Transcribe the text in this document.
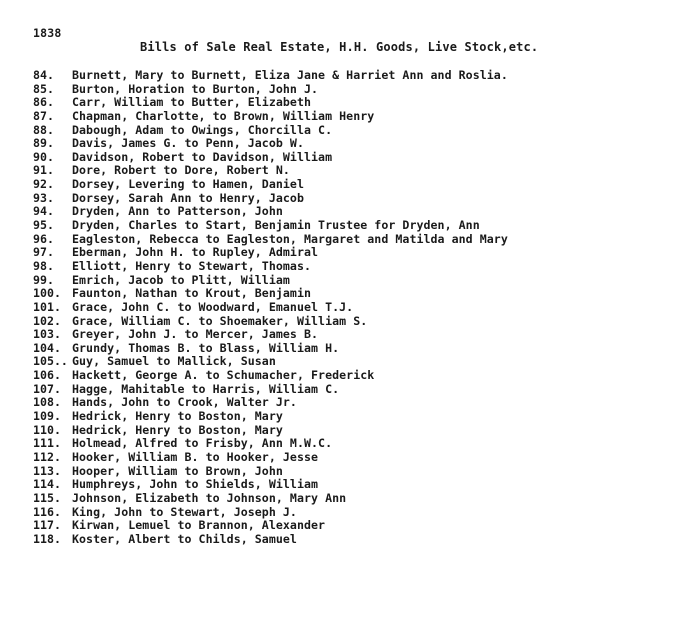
1838
Bills of Sale Real Estate, H.H. Goods, Live Stock,etc.
84.	Burnett, Mary to Burnett, Eliza Jane & Harriet Ann and Roslia.
85.	Burton, Horation to Burton, John J.
86.	Carr, William to Butter, Elizabeth
87.	Chapman, Charlotte, to Brown, William Henry
88.	Dabough, Adam to Owings, Chorcilla C.
89.	Davis, James G. to Penn, Jacob W.
90.	Davidson, Robert to Davidson, William
91.	Dore, Robert to Dore, Robert N.
92.	Dorsey, Levering to Hamen, Daniel
93.	Dorsey, Sarah Ann to Henry, Jacob
94.	Dryden, Ann to Patterson, John
95.	Dryden, Charles to Start, Benjamin Trustee for Dryden, Ann
96.	Eagleston, Rebecca to Eagleston, Margaret and Matilda and Mary
97.	Eberman, John H. to Rupley, Admiral
98.	Elliott, Henry to Stewart, Thomas.
99.	Emrich, Jacob to Plitt, William
100. Faunton, Nathan to Krout, Benjamin
101. Grace, John C. to Woodward, Emanuel T.J.
102. Grace, William C. to Shoemaker, William S.
103. Greyer, John J. to Mercer, James B.
104. Grundy, Thomas B. to Blass, William H.
105.. Guy, Samuel to Mallick, Susan
106. Hackett, George A. to Schumacher, Frederick
107. Hagge, Mahitable to Harris, William C.
108. Hands, John to Crook, Walter Jr.
109. Hedrick, Henry to Boston, Mary
110. Hedrick, Henry to Boston, Mary
111. Holmead, Alfred to Frisby, Ann M.W.C.
112. Hooker, William B. to Hooker, Jesse
113. Hooper, William to Brown, John
114. Humphreys, John to Shields, William
115. Johnson, Elizabeth to Johnson, Mary Ann
116. King, John to Stewart, Joseph J.
117. Kirwan, Lemuel to Brannon, Alexander
118. Koster, Albert to Childs, Samuel
